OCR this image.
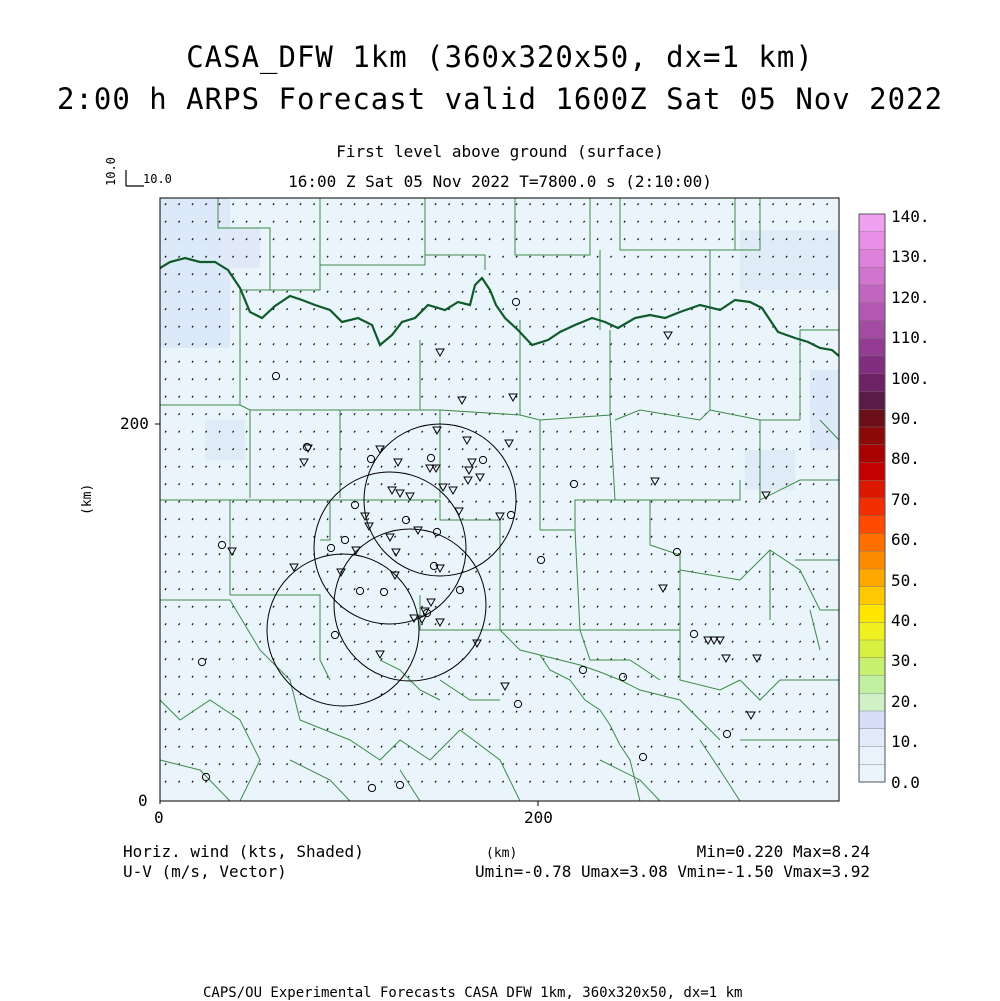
CASA_DFW 1km (360x320x50, dx=1 km)
2:00 h ARPS Forecast valid 1600Z Sat 05 Nov 2022
First level above ground (surface)
16:00 Z Sat 05 Nov 2022 T=7800.0 s (2:10:00)
10.0 10.0
200
0
0	200
(km)
(km)
140.
130.
120.
110.
100.
90.
80.
70.
60.
50.
40.
30.
20.
10.
0.0
Horiz. wind (kts, Shaded)
U-V (m/s, Vector)
Min=0.220 Max=8.24
Umin=-0.78 Umax=3.08 Vmin=-1.50 Vmax=3.92
CAPS/OU Experimental Forecasts CASA DFW 1km, 360x320x50, dx=1 km
